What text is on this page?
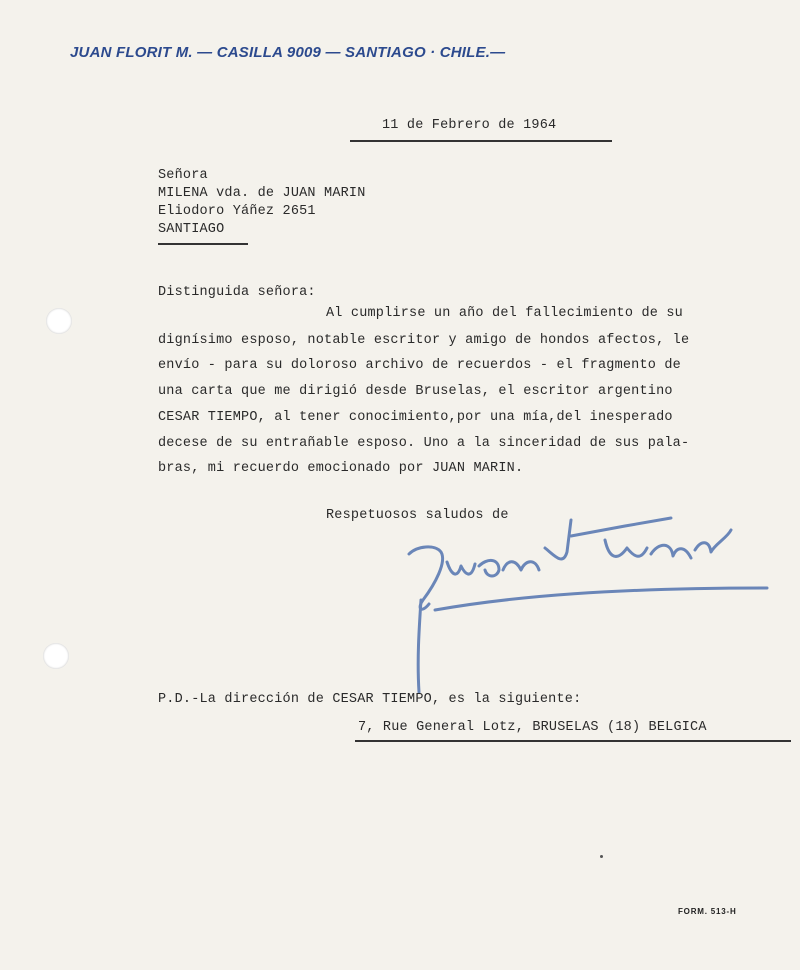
JUAN FLORIT M. — CASILLA 9009 — SANTIAGO · CHILE.—
11 de Febrero de 1964
Señora
MILENA vda. de JUAN MARIN
Eliodoro Yáñez 2651
SANTIAGO
Distinguida señora:
Al cumplirse un año del fallecimiento de su
dignísimo esposo, notable escritor y amigo de hondos afectos, le
envío - para su doloroso archivo de recuerdos - el fragmento de
una carta que me dirigió desde Bruselas, el escritor argentino
CESAR TIEMPO, al tener conocimiento,por una mía,del inesperado
decese de su entrañable esposo. Uno a la sinceridad de sus pala-
bras, mi recuerdo emocionado por JUAN MARIN.
Respetuosos saludos de
P.D.-La dirección de CESAR TIEMPO, es la siguiente:
7, Rue General Lotz, BRUSELAS (18) BELGICA
FORM. 513-H
